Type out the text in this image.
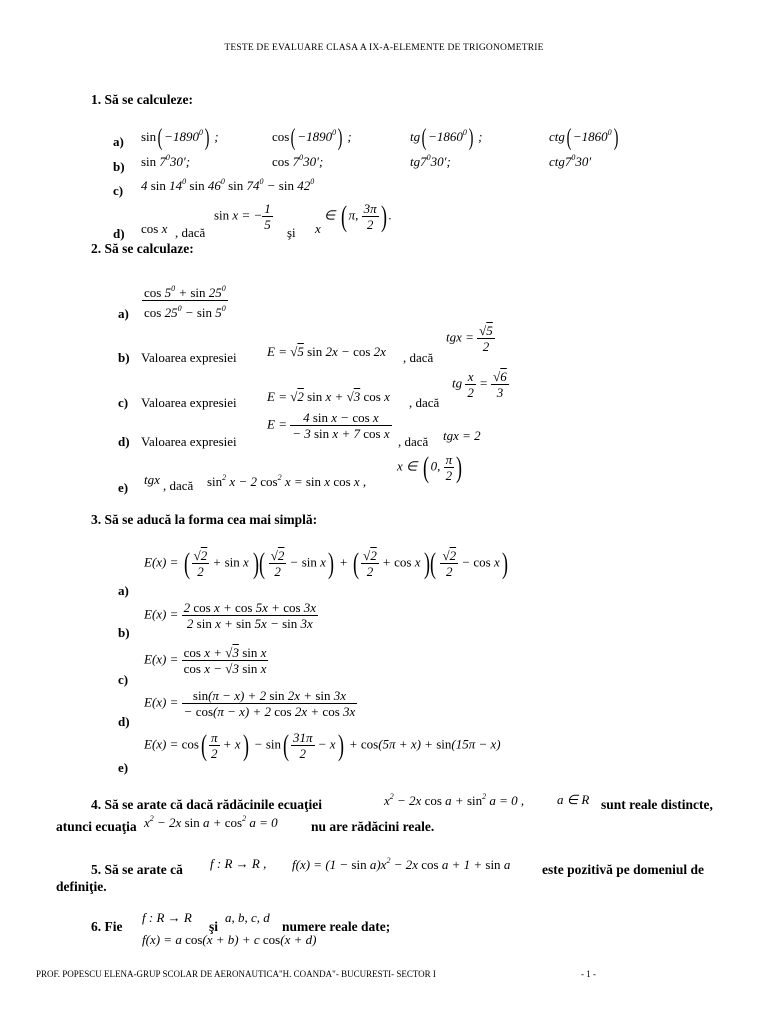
TESTE DE EVALUARE CLASA A IX-A-ELEMENTE DE TRIGONOMETRIE
1. Să se calculeze:
a) $\sin( -1890^0)$ ;	$\cos( -1890^0)$ ;	$tg( -1860^0)$ ;	$ctg( -1860^0)$
b) $\sin 7^030'$;	$\cos 7^030'$;	$tg7^030'$;	$ctg7^030'$
c) 4 $\sin 14^0$ $\sin 46^0$ $\sin 74^0 - \sin 42^0$
d) cos x , dacă
sin x = − $\frac{1}{5}$
şi x ∈ ( π, $\frac{3\pi}{2}$ ) .
2. Să se calculaze:
$a) \frac{\cos 5^0 + \sin 25^0}{\cos 25^0 - \sin 5^0}$
b) Valoarea expresiei E = √5 sin 2x − cos 2x , dacă
tgx = $\frac{√5}{2}$
c) Valoarea expresiei E = √2 sin x + √3 cos x , dacă
tg $\frac{x}{2} = \frac{√6}{3}$
d) Valoarea expresiei
$E = \frac{\text{4 sin x − cos x}}{\text{− 3 sin x + 7 cos x}}$
, dacă tgx = 2
e)
tgx , dacă $\sin^2 x - 2$ $\cos^2 x = \sin x$ cos x ,
x ∈ ( 0, $\frac{\pi}{2}$ )
3. Să se aducă la forma cea mai simplă:
a)
E(x) = ( $\frac{√2}{2} + \sin x$ )( $\frac{√2}{2} - \sin x$) + ( $\frac{√2}{2} + \cos x$ )( $\frac{√2}{2} - \cos x$)
b)
$E(x) = \frac{\text{2 cos x + cos 5x + cos 3x}}{\text{2 sin x + sin 5x − sin 3x}}$
c)
$E(x) = \frac{\text{cos x + √3 sin x}}{\text{cos x − √3 sin x}}$
d)
$E(x) = \frac{\sin(\pi - x) + 2 \sin 2x + \sin 3x}{- \cos(\pi - x) + 2 \cos 2x + \cos 3x}$
e)
$E(x) = \cos( \frac{\pi}{2} + x) - \sin( \frac{31\pi}{2} - x) + \cos(5\pi + x) + \sin(15\pi - x)$
4. Să se arate că dacă rădăcinile ecuaţiei	$x^2 - 2x$ $\cos a + \sin^2 a = 0$ ,	a ∈ R sunt reale distincte,
atunci ecuaţia $x^2 - 2x$ $\sin a + \cos^2 a = 0$ nu are rădăcini reale.
5. Să se arate că f : R → R , $f(x) = (1 - \sin a)x^2 - 2x$ cos a + 1 + sin a este pozitivă pe domeniul de
definiţie.
6. Fie
f : R → R
şi
a, b, c, d
numere reale date;
f(x) = a cos(x + b) + c cos(x + d)
PROF. POPESCU ELENA-GRUP SCOLAR DE AERONAUTICA"H. COANDA"- BUCURESTI- SECTOR I	- 1 -
